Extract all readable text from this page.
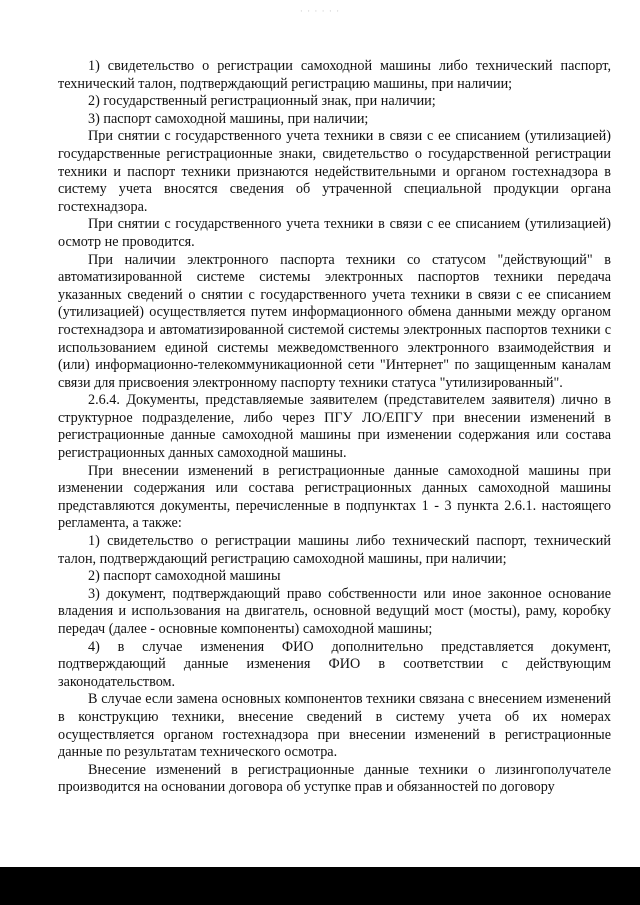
· · · · · ·

1) свидетельство о регистрации самоходной машины либо технический паспорт, технический талон, подтверждающий регистрацию машины, при наличии;

2) государственный регистрационный знак, при наличии;

3) паспорт самоходной машины, при наличии;

При снятии с государственного учета техники в связи с ее списанием (утилизацией) государственные регистрационные знаки, свидетельство о государственной регистрации техники и паспорт техники признаются недействительными и органом гостехнадзора в систему учета вносятся сведения об утраченной специальной продукции органа гостехнадзора.

При снятии с государственного учета техники в связи с ее списанием (утилизацией) осмотр не проводится.

При наличии электронного паспорта техники со статусом "действующий" в автоматизированной системе системы электронных паспортов техники передача указанных сведений о снятии с государственного учета техники в связи с ее списанием (утилизацией) осуществляется путем информационного обмена данными между органом гостехнадзора и автоматизированной системой системы электронных паспортов техники с использованием единой системы межведомственного электронного взаимодействия и (или) информационно-телекоммуникационной сети "Интернет" по защищенным каналам связи для присвоения электронному паспорту техники статуса "утилизированный".

2.6.4. Документы, представляемые заявителем (представителем заявителя) лично в структурное подразделение, либо через ПГУ ЛО/ЕПГУ при внесении изменений в регистрационные данные самоходной машины при изменении содержания или состава регистрационных данных самоходной машины.

При внесении изменений в регистрационные данные самоходной машины при изменении содержания или состава регистрационных данных самоходной машины представляются документы, перечисленные в подпунктах 1 - 3 пункта 2.6.1. настоящего регламента, а также:

1) свидетельство о регистрации машины либо технический паспорт, технический талон, подтверждающий регистрацию самоходной машины, при наличии;

2) паспорт самоходной машины

3) документ, подтверждающий право собственности или иное законное основание владения и использования на двигатель, основной ведущий мост (мосты), раму, коробку передач (далее - основные компоненты) самоходной машины;

4) в случае изменения ФИО дополнительно представляется документ, подтверждающий данные изменения ФИО в соответствии с действующим законодательством.

В случае если замена основных компонентов техники связана с внесением изменений в конструкцию техники, внесение сведений в систему учета об их номерах осуществляется органом гостехнадзора при внесении изменений в регистрационные данные по результатам технического осмотра.

Внесение изменений в регистрационные данные техники о лизингополучателе производится на основании договора об уступке прав и обязанностей по договору
